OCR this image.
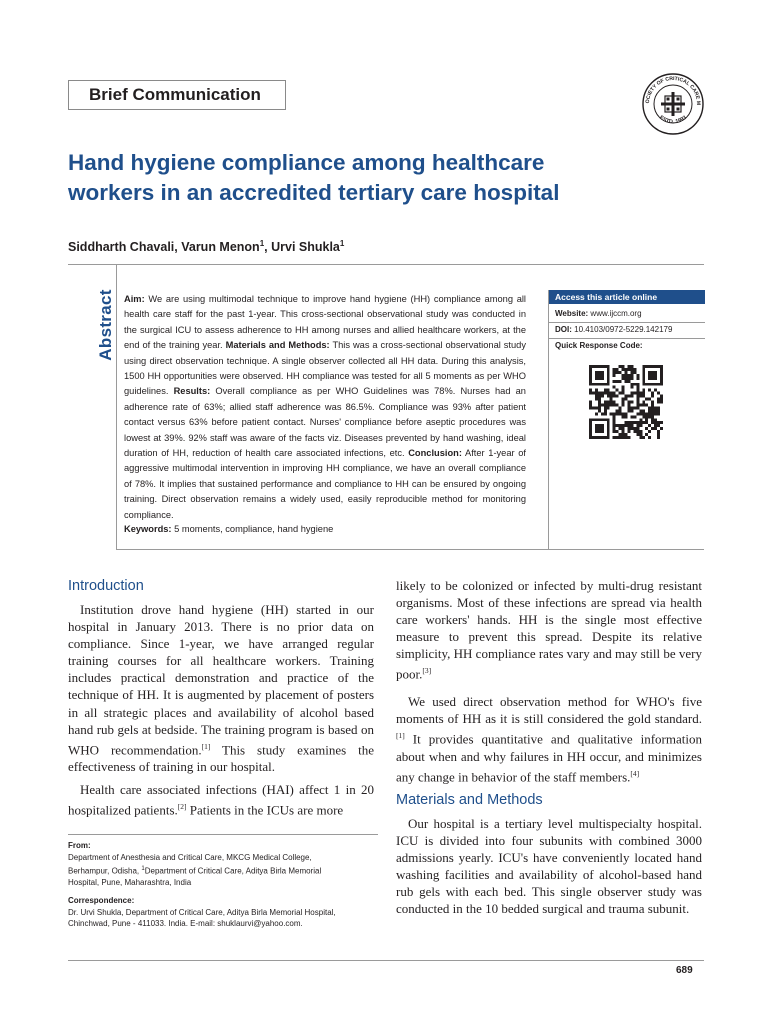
Brief Communication	OCIETY OF CRITICAL CARE M
ESTD. 1993
Hand hygiene compliance among healthcare
workers in an accredited tertiary care hospital
Siddharth Chavali, Varun Menon$^1$, Urvi Shukla$^1$
Abstract Aim: We are using multimodal technique to improve hand hygiene (HH) compliance among all health care staff for the past 1-year. This cross-sectional observational study was conducted in the surgical ICU to assess adherence to HH among nurses and allied healthcare workers, at the end of the training year. Materials and Methods: This was a cross-sectional observational study using direct observation technique. A single observer collected all HH data. During this analysis, 1500 HH opportunities were observed. HH compliance was tested for all 5 moments as per WHO guidelines. Results: Overall compliance as per WHO Guidelines was 78%. Nurses had an adherence rate of 63%; allied staff adherence was 86.5%. Compliance was 93% after patient contact versus 63% before patient contact. Nurses' compliance before aseptic procedures was lowest at 39%. 92% staff was aware of the facts viz. Diseases prevented by hand washing, ideal duration of HH, reduction of health care associated infections, etc. Conclusion: After 1-year of aggressive multimodal intervention in improving HH compliance, we have an overall compliance of 78%. It implies that sustained performance and compliance to HH can be ensured by ongoing training. Direct observation remains a widely used, easily reproducible method for monitoring compliance.
Keywords: 5 moments, compliance, hand hygiene
Access this article online
Website: www.ijccm.org
DOI: 10.4103/0972-5229.142179
Quick Response Code:
Introduction
Institution drove hand hygiene (HH) started in our hospital in January 2013. There is no prior data on compliance. Since 1-year, we have arranged regular training courses for all healthcare workers. Training includes practical demonstration and practice of the technique of HH. It is augmented by placement of posters in all strategic places and availability of alcohol based hand rub gels at bedside. The training program is based on WHO recommendation.[1] This study examines the effectiveness of training in our hospital.
Health care associated infections (HAI) affect 1 in 20 hospitalized patients.[2] Patients in the ICUs are more
From:
Department of Anesthesia and Critical Care, MKCG Medical College,
Berhampur, Odisha, $^1$Department of Critical Care, Aditya Birla Memorial
Hospital, Pune, Maharashtra, India
Correspondence:
Dr. Urvi Shukla, Department of Critical Care, Aditya Birla Memorial Hospital,
Chinchwad, Pune - 411033. India. E-mail: shuklaurvi@yahoo.com.
likely to be colonized or infected by multi-drug resistant organisms. Most of these infections are spread via health care workers' hands. HH is the single most effective measure to prevent this spread. Despite its relative simplicity, HH compliance rates vary and may still be very poor.[3]
We used direct observation method for WHO's five moments of HH as it is still considered the gold standard.[1] It provides quantitative and qualitative information about when and why failures in HH occur, and minimizes any change in behavior of the staff members.[4]
Materials and Methods
Our hospital is a tertiary level multispecialty hospital. ICU is divided into four subunits with combined 3000 admissions yearly. ICU's have conveniently located hand washing facilities and availability of alcohol-based hand rub gels with each bed. This single observer study was conducted in the 10 bedded surgical and trauma subunit.
689
